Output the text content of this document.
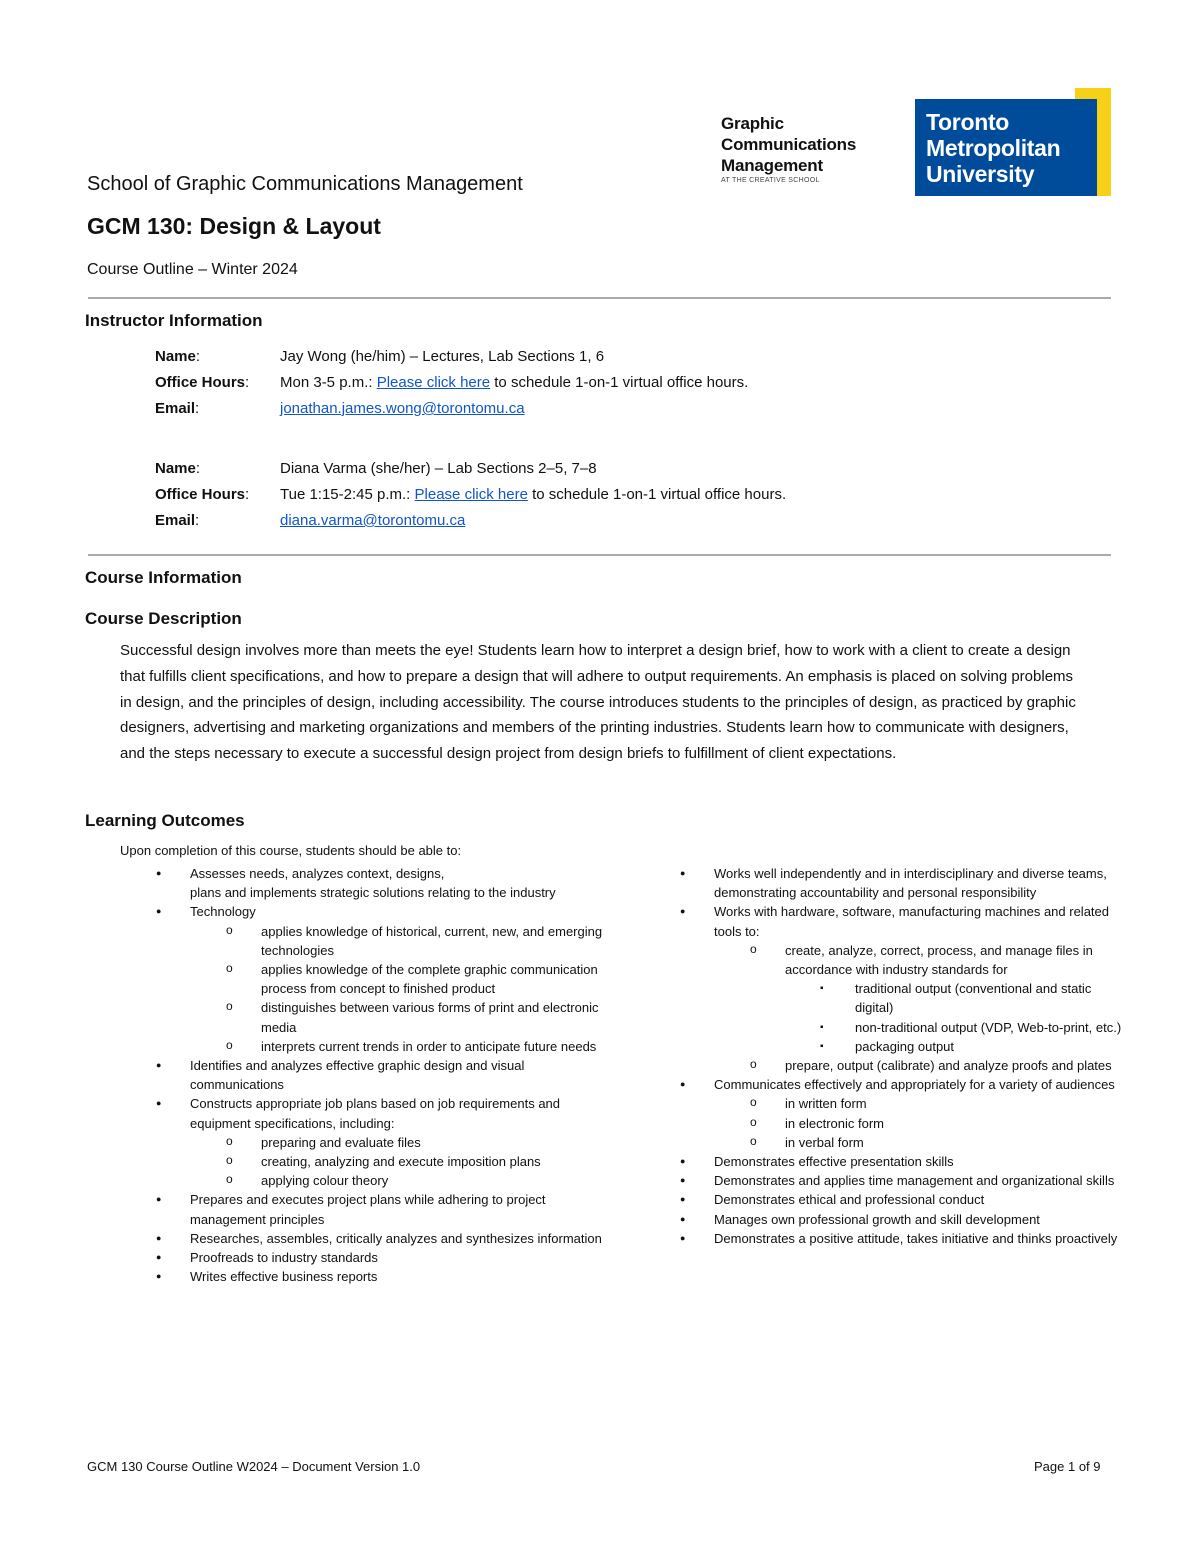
Graphic
Communications
Management
AT THE CREATIVE SCHOOL
Toronto
Metropolitan
University
School of Graphic Communications Management
GCM 130: Design & Layout
Course Outline – Winter 2024
Instructor Information
Name:	Jay Wong (he/him) – Lectures, Lab Sections 1, 6
Office Hours: Mon 3-5 p.m.: Please click here to schedule 1-on-1 virtual office hours.
Email:	jonathan.james.wong@torontomu.ca
Name:	Diana Varma (she/her) – Lab Sections 2–5, 7–8
Office Hours: Tue 1:15-2:45 p.m.: Please click here to schedule 1-on-1 virtual office hours.
Email:	diana.varma@torontomu.ca
Course Information
Course Description
Successful design involves more than meets the eye! Students learn how to interpret a design brief, how to work with a client to create a design that fulfills client specifications, and how to prepare a design that will adhere to output requirements. An emphasis is placed on solving problems in design, and the principles of design, including accessibility. The course introduces students to the principles of design, as practiced by graphic designers, advertising and marketing organizations and members of the printing industries. Students learn how to communicate with designers, and the steps necessary to execute a successful design project from design briefs to fulfillment of client expectations.
Learning Outcomes
Upon completion of this course, students should be able to:
● Assesses needs, analyzes context, designs,
plans and implements strategic solutions relating to the industry
● Technology
o applies knowledge of historical, current, new, and emerging technologies
o applies knowledge of the complete graphic communication process from concept to finished product
o distinguishes between various forms of print and electronic media
o interprets current trends in order to anticipate future needs
● Identifies and analyzes effective graphic design and visual communications
● Constructs appropriate job plans based on job requirements and equipment specifications, including:
o preparing and evaluate files
o creating, analyzing and execute imposition plans
o applying colour theory
● Prepares and executes project plans while adhering to project management principles
● Researches, assembles, critically analyzes and synthesizes information
● Proofreads to industry standards
● Writes effective business reports
● Works well independently and in interdisciplinary and diverse teams, demonstrating accountability and personal responsibility
● Works with hardware, software, manufacturing machines and related tools to:
o create, analyze, correct, process, and manage files in accordance with industry standards for
▪ traditional output (conventional and static digital)
▪ non-traditional output (VDP, Web-to-print, etc.)
▪ packaging output
o prepare, output (calibrate) and analyze proofs and plates
● Communicates effectively and appropriately for a variety of audiences
o in written form
o in electronic form
o in verbal form
● Demonstrates effective presentation skills
● Demonstrates and applies time management and organizational skills
● Demonstrates ethical and professional conduct
● Manages own professional growth and skill development
● Demonstrates a positive attitude, takes initiative and thinks proactively
GCM 130 Course Outline W2024 – Document Version 1.0	Page 1 of 9
